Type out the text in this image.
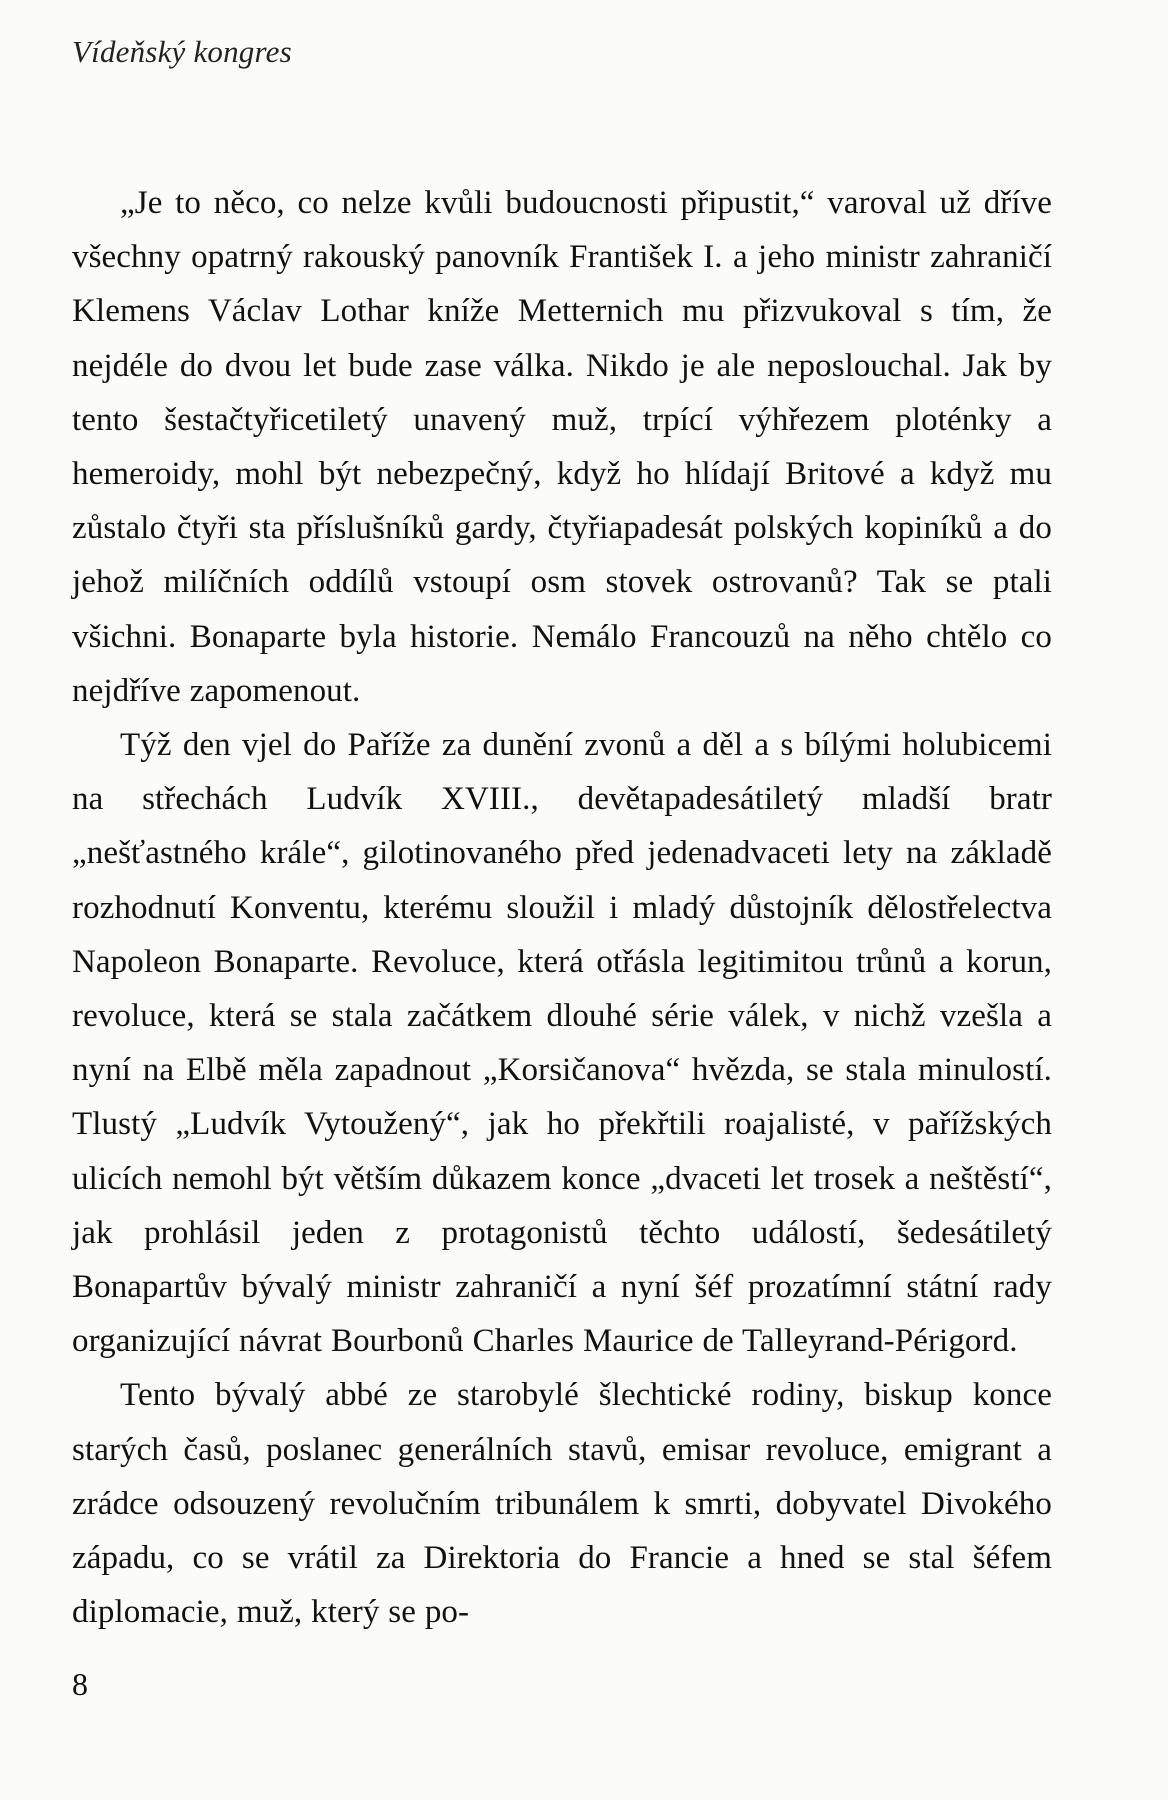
Vídeňský kongres

„Je to něco, co nelze kvůli budoucnosti připustit,“ varoval už dříve všechny opatrný rakouský panovník František I. a jeho ministr zahraničí Klemens Václav Lothar kníže Metternich mu přizvukoval s tím, že nejdéle do dvou let bude zase válka. Nikdo je ale neposlouchal. Jak by tento šestačtyřicetiletý unavený muž, trpící výhřezem ploténky a hemeroidy, mohl být nebezpečný, když ho hlídají Britové a když mu zůstalo čtyři sta příslušníků gardy, čtyřiapadesát polských kopiníků a do jehož milíčních oddílů vstoupí osm stovek ostrovanů? Tak se ptali všichni. Bonaparte byla historie. Nemálo Francouzů na něho chtělo co nejdříve zapomenout.

Týž den vjel do Paříže za dunění zvonů a děl a s bílými holubicemi na střechách Ludvík XVIII., devětapadesátiletý mladší bratr „nešťastného krále“, gilotinovaného před jedenadvaceti lety na základě rozhodnutí Konventu, kterému sloužil i mladý důstojník dělostřelectva Napoleon Bonaparte. Revoluce, která otřásla legitimitou trůnů a korun, revoluce, která se stala začátkem dlouhé série válek, v nichž vzešla a nyní na Elbě měla zapadnout „Korsičanova“ hvězda, se stala minulostí. Tlustý „Ludvík Vytoužený“, jak ho překřtili roajalisté, v pařížských ulicích nemohl být větším důkazem konce „dvaceti let trosek a neštěstí“, jak prohlásil jeden z protagonistů těchto událostí, šedesátiletý Bonapartův bývalý ministr zahraničí a nyní šéf prozatímní státní rady organizující návrat Bourbonů Charles Maurice de Talleyrand-Périgord.

Tento bývalý abbé ze starobylé šlechtické rodiny, biskup konce starých časů, poslanec generálních stavů, emisar revoluce, emigrant a zrádce odsouzený revolučním tribunálem k smrti, dobyvatel Divokého západu, co se vrátil za Direktoria do Francie a hned se stal šéfem diplomacie, muž, který se po-

8
